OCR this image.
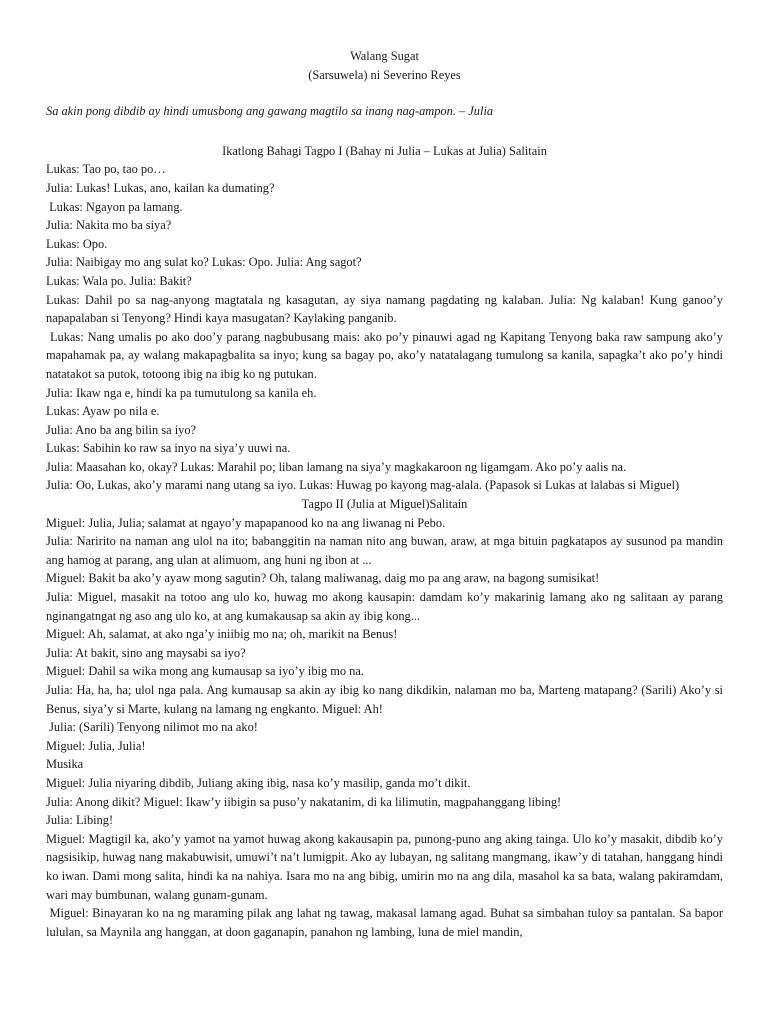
Walang Sugat

(Sarsuwela) ni Severino Reyes

Sa akin pong dibdib ay hindi umusbong ang gawang magtilo sa inang nag-ampon. – Julia

Ikatlong Bahagi Tagpo I (Bahay ni Julia – Lukas at Julia) Salitain

Lukas: Tao po, tao po…

Julia: Lukas! Lukas, ano, kailan ka dumating?

Lukas: Ngayon pa lamang.

Julia: Nakita mo ba siya?

Lukas: Opo.

Julia: Naibigay mo ang sulat ko? Lukas: Opo. Julia: Ang sagot?

Lukas: Wala po. Julia: Bakit?

Lukas: Dahil po sa nag-anyong magtatala ng kasagutan, ay siya namang pagdating ng kalaban. Julia: Ng kalaban! Kung ganoo’y napapalaban si Tenyong? Hindi kaya masugatan? Kaylaking panganib.

Lukas: Nang umalis po ako doo’y parang nagbubusang mais: ako po’y pinauwi agad ng Kapitang Tenyong baka raw sampung ako’y mapahamak pa, ay walang makapagbalita sa inyo; kung sa bagay po, ako’y natatalagang tumulong sa kanila, sapagka’t ako po’y hindi natatakot sa putok, totoong ibig na ibig ko ng putukan.

Julia: Ikaw nga e, hindi ka pa tumutulong sa kanila eh.

Lukas: Ayaw po nila e.

Julia: Ano ba ang bilin sa iyo?

Lukas: Sabihin ko raw sa inyo na siya’y uuwi na.

Julia: Maasahan ko, okay? Lukas: Marahil po; liban lamang na siya’y magkakaroon ng ligamgam. Ako po’y aalis na.

Julia: Oo, Lukas, ako’y marami nang utang sa iyo. Lukas: Huwag po kayong mag-alala. (Papasok si Lukas at lalabas si Miguel)

Tagpo II (Julia at Miguel)Salitain

Miguel: Julia, Julia; salamat at ngayo’y mapapanood ko na ang liwanag ni Pebo.

Julia: Naririto na naman ang ulol na ito; babanggitin na naman nito ang buwan, araw, at mga bituin pagkatapos ay susunod pa mandin ang hamog at parang, ang ulan at alimuom, ang huni ng ibon at ...

Miguel: Bakit ba ako’y ayaw mong sagutin? Oh, talang maliwanag, daig mo pa ang araw, na bagong sumisikat!

Julia: Miguel, masakit na totoo ang ulo ko, huwag mo akong kausapin: damdam ko’y makarinig lamang ako ng salitaan ay parang nginangatngat ng aso ang ulo ko, at ang kumakausap sa akin ay ibig kong...

Miguel: Ah, salamat, at ako nga’y iniibig mo na; oh, marikit na Benus!

Julia: At bakit, sino ang maysabi sa iyo?

Miguel: Dahil sa wika mong ang kumausap sa iyo’y ibig mo na.

Julia: Ha, ha, ha; ulol nga pala. Ang kumausap sa akin ay ibig ko nang dikdikin, nalaman mo ba, Marteng matapang? (Sarili) Ako’y si Benus, siya’y si Marte, kulang na lamang ng engkanto. Miguel: Ah!

Julia: (Sarili) Tenyong nilimot mo na ako!

Miguel: Julia, Julia!

Musika

Miguel: Julia niyaring dibdib, Juliang aking ibig, nasa ko’y masilip, ganda mo’t dikit.

Julia: Anong dikit? Miguel: Ikaw’y iibigin sa puso’y nakatanim, di ka lilimutin, magpahanggang libing!

Julia: Libing!

Miguel: Magtigil ka, ako’y yamot na yamot huwag akong kakausapin pa, punong-puno ang aking tainga. Ulo ko’y masakit, dibdib ko’y nagsisikip, huwag nang makabuwisit, umuwi’t na’t lumigpit. Ako ay lubayan, ng salitang mangmang, ikaw’y di tatahan, hanggang hindi ko iwan. Dami mong salita, hindi ka na nahiya. Isara mo na ang bibig, umirin mo na ang dila, masahol ka sa bata, walang pakiramdam, wari may bumbunan, walang gunam-gunam.

Miguel: Binayaran ko na ng maraming pilak ang lahat ng tawag, makasal lamang agad. Buhat sa simbahan tuloy sa pantalan. Sa bapor lululan, sa Maynila ang hanggan, at doon gaganapin, panahon ng lambing, luna de miel mandin,
